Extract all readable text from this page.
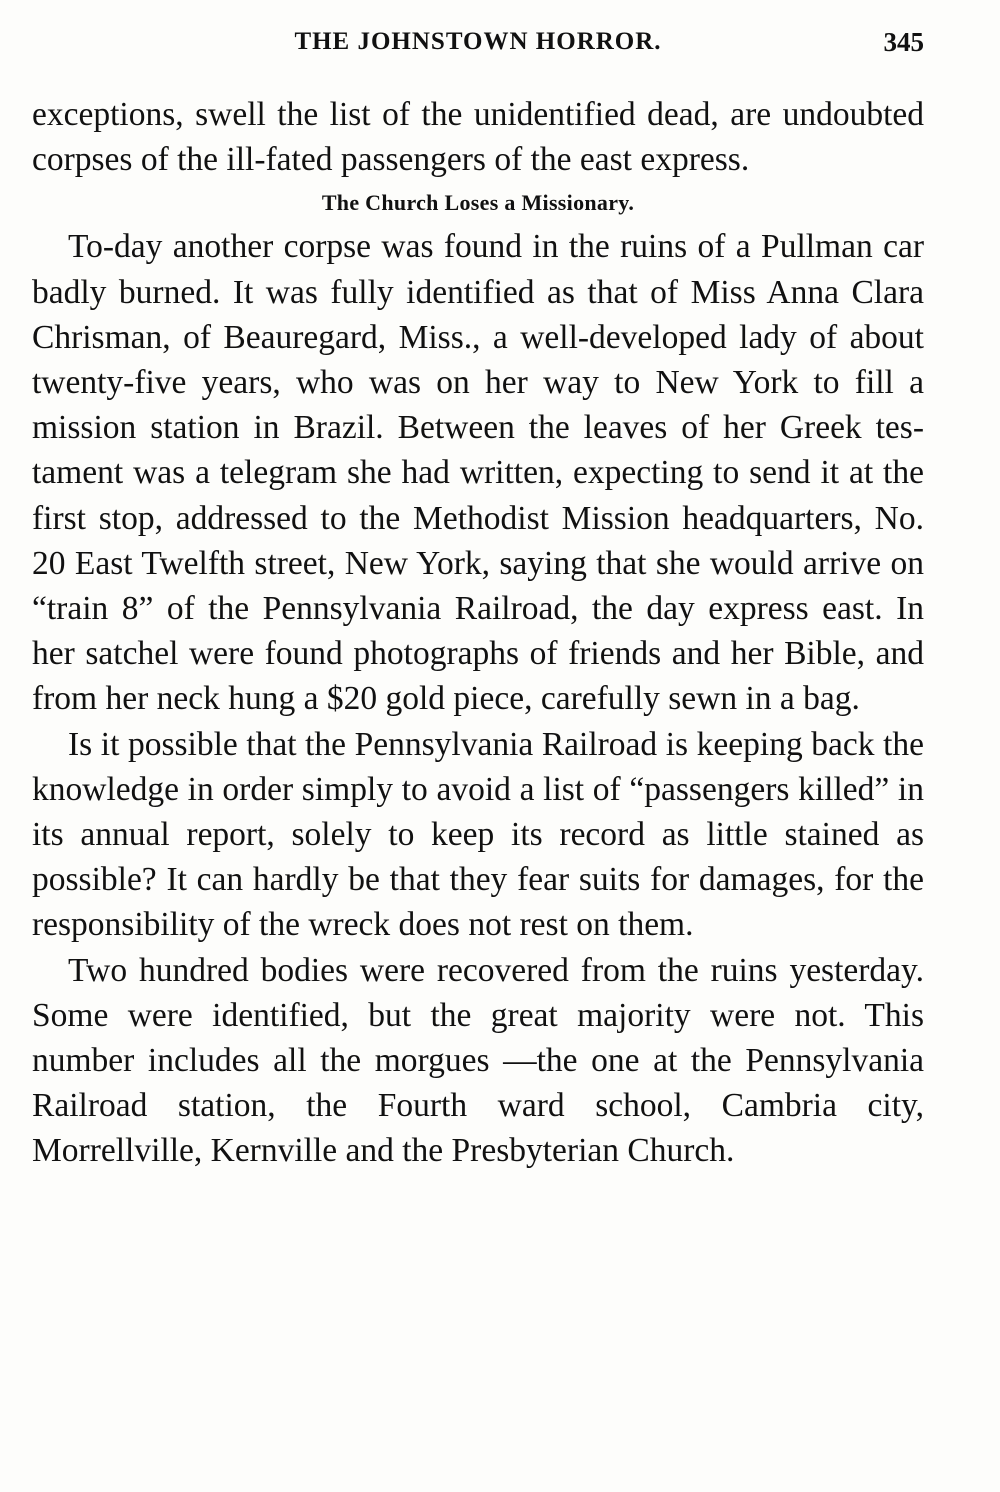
THE JOHNSTOWN HORROR.	345

exceptions, swell the list of the unidentified dead, are undoubted corpses of the ill-fated passengers of the east express.

The Church Loses a Missionary.

To-day another corpse was found in the ruins of a Pullman car badly burned. It was fully identified as that of Miss Anna Clara Chrisman, of Beauregard, Miss., a well-developed lady of about twenty-five years, who was on her way to New York to fill a mission station in Brazil. Between the leaves of her Greek testament was a telegram she had written, expecting to send it at the first stop, addressed to the Methodist Mission headquarters, No. 20 East Twelfth street, New York, saying that she would arrive on “train 8” of the Pennsylvania Railroad, the day express east. In her satchel were found photographs of friends and her Bible, and from her neck hung a $20 gold piece, carefully sewn in a bag.

Is it possible that the Pennsylvania Railroad is keeping back the knowledge in order simply to avoid a list of “passengers killed” in its annual report, solely to keep its record as little stained as possible? It can hardly be that they fear suits for damages, for the responsibility of the wreck does not rest on them.

Two hundred bodies were recovered from the ruins yesterday. Some were identified, but the great majority were not. This number includes all the morgues —the one at the Pennsylvania Railroad station, the Fourth ward school, Cambria city, Morrellville, Kernville and the Presbyterian Church.
